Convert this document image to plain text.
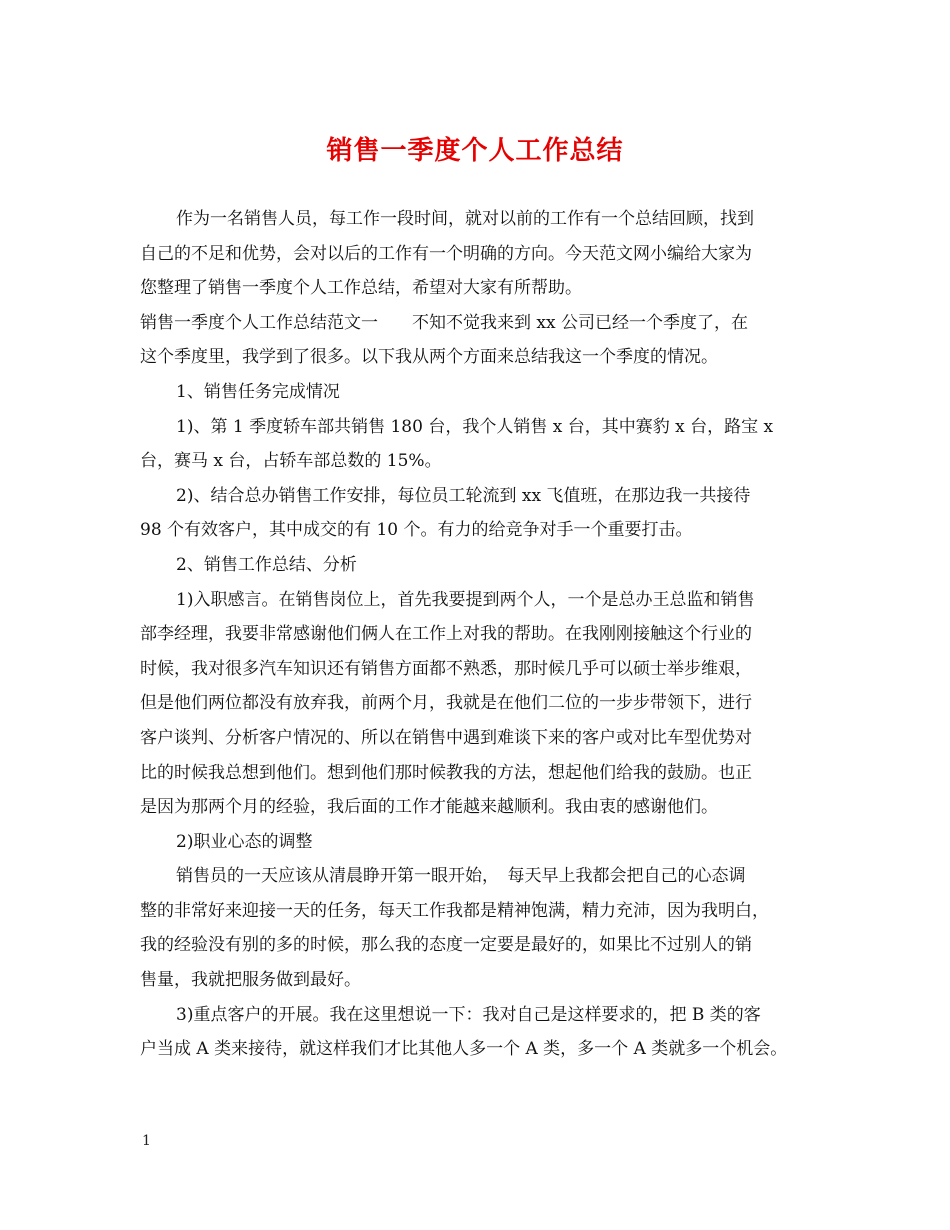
销售一季度个人工作总结
作为一名销售人员，每工作一段时间，就对以前的工作有一个总结回顾，找到
自己的不足和优势，会对以后的工作有一个明确的方向。今天范文网小编给大家为
您整理了销售一季度个人工作总结，希望对大家有所帮助。
销售一季度个人工作总结范文一　　不知不觉我来到 xx 公司已经一个季度了，在
这个季度里，我学到了很多。以下我从两个方面来总结我这一个季度的情况。
1、销售任务完成情况
1)、第 1 季度轿车部共销售 180 台，我个人销售 x 台，其中赛豹 x 台，路宝 x
台，赛马 x 台，占轿车部总数的 15%。
2)、结合总办销售工作安排，每位员工轮流到 xx 飞值班，在那边我一共接待
98 个有效客户，其中成交的有 10 个。有力的给竞争对手一个重要打击。
2、销售工作总结、分析
1)入职感言。在销售岗位上，首先我要提到两个人，一个是总办王总监和销售
部李经理，我要非常感谢他们俩人在工作上对我的帮助。在我刚刚接触这个行业的
时候，我对很多汽车知识还有销售方面都不熟悉，那时候几乎可以硕士举步维艰，
但是他们两位都没有放弃我，前两个月，我就是在他们二位的一步步带领下，进行
客户谈判、分析客户情况的、所以在销售中遇到难谈下来的客户或对比车型优势对
比的时候我总想到他们。想到他们那时候教我的方法，想起他们给我的鼓励。也正
是因为那两个月的经验，我后面的工作才能越来越顺利。我由衷的感谢他们。
2)职业心态的调整
销售员的一天应该从清晨睁开第一眼开始，　每天早上我都会把自己的心态调
整的非常好来迎接一天的任务，每天工作我都是精神饱满，精力充沛，因为我明白，
我的经验没有别的多的时候，那么我的态度一定要是最好的，如果比不过别人的销
售量，我就把服务做到最好。
3)重点客户的开展。我在这里想说一下：我对自己是这样要求的，把 B 类的客
户当成 A 类来接待，就这样我们才比其他人多一个 A 类，多一个 A 类就多一个机会。
1
